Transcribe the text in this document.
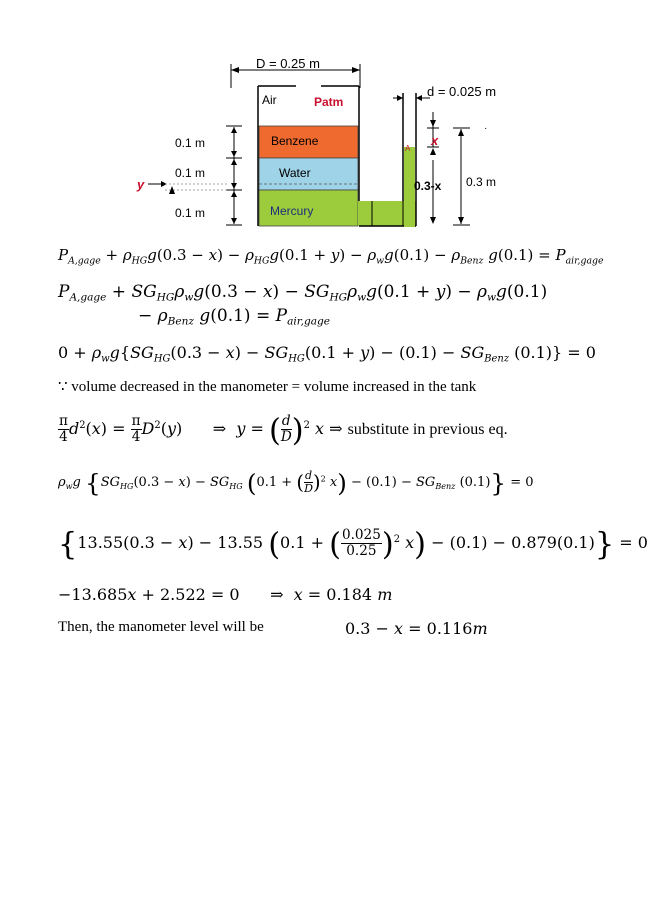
D = 0.25 m
Air	Patm
Benzene
Water
Mercury
A
d = 0.025 m
x
0.3-x 0.3 m
·
0.1 m
0.1 m
0.1 m
y
$P_{A,gage} + \rho_{HG}g(0.3 - x) - \rho_{HG}g(0.1 + y) - \rho_wg(0.1) - \rho_{Benz}$ $g(0.1) = P_{air,gage}$
$P_{A,gage} + SG_{HG}\rho_wg(0.3 - x) - SG_{HG}\rho_wg(0.1 + y) - \rho_wg(0.1)$
− $\rho_{Benz}$ $g(0.1) = P_{air,gage}$
$0 + \rho_wg\{SG_{HG}(0.3 - x) - SG_{HG}(0.1 + y) - (0.1) - SG_{Benz}$ (0.1)} = 0
∵ volume decreased in the manometer = volume increased in the tank
$\frac{\pi}{4} d^2(x) = \frac{\pi}{4} D^2(y)$      ⇒  y = ( $\frac{d}{D} )^2$ x ⇒ substitute in previous eq.
$\rho_wg$ {$SG_{HG}(0.3 - x) - SG_{HG}$ (0.1 + ( $\frac{d}{D} )^2$ $x) - (0.1) - SG_{Benz}$ (0.1)} = 0
{13.55(0.3 − x) − 13.55 (0.1 + ( $\frac{0.025}{0.25} )^2$ x) − (0.1) − 0.879(0.1)} = 0
−13.685x + 2.522 = 0      ⇒  x = 0.184 m
Then, the manometer level will be	0.3 − x = 0.116m
